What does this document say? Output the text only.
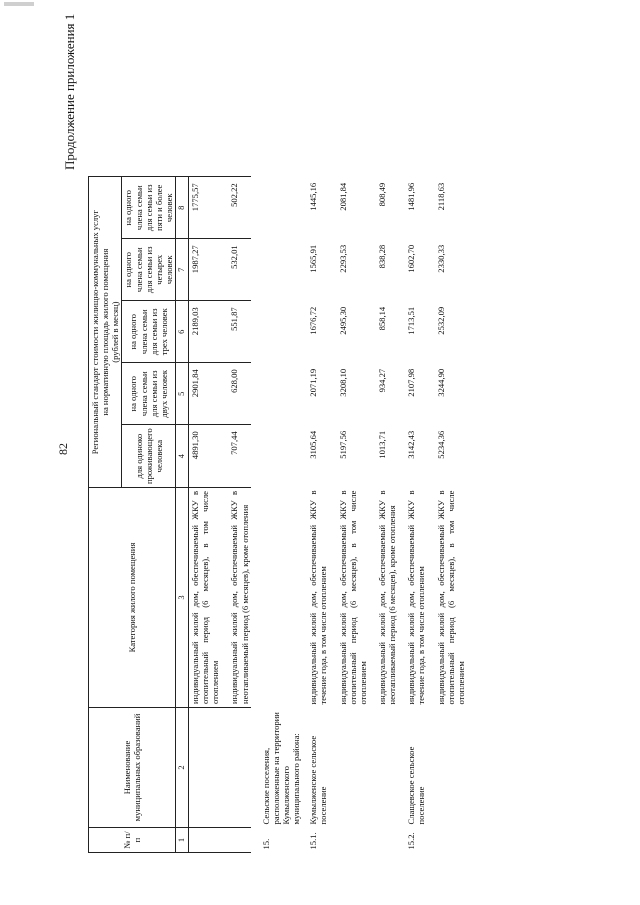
82
Продолжение приложения 1
№ п/п	Наименование муниципальных образований	Категория жилого помещения	Региональный стандарт стоимости жилищно-коммунальных услуг
на нормативную площадь жилого помещения
(рублей в месяц)				
			для одиноко проживающего человека	на одного члена семьи для семьи из двух человек	на одного члена семьи для семьи из трех человек	на одного члена семьи для семьи из четырех человек	на одного члена семьи для семьи из пяти и более человек

1	2	3	4	5	6	7	8
		индивидуальный жилой дом, обеспечиваемый ЖКУ в отопительный период (6 месяцев), в том числе отоплением	4891,30	2901,84	2189,03	1987,27	1775,57
		индивидуальный жилой дом, обеспечиваемый ЖКУ в неотапливаемый период (6 месяцев), кроме отопления	707,44	628,00	551,87	532,01	502,22
15.	Сельские поселения, расположенные на территории Кумылженского муниципального района:						
15.1.	Кумылженское сельское поселение	индивидуальный жилой дом, обеспечиваемый ЖКУ в течение года, в том числе отоплением	3105,64	2071,19	1676,72	1565,91	1445,16
		индивидуальный жилой дом, обеспечиваемый ЖКУ в отопительный период (6 месяцев), в том числе отоплением	5197,56	3208,10	2495,30	2293,53	2081,84
		индивидуальный жилой дом, обеспечиваемый ЖКУ в неотапливаемый период (6 месяцев), кроме отопления	1013,71	934,27	858,14	838,28	808,49
15.2.	Слащевское сельское поселение	индивидуальный жилой дом, обеспечиваемый ЖКУ в течение года, в том числе отоплением	3142,43	2107,98	1713,51	1602,70	1481,96
		индивидуальный жилой дом, обеспечиваемый ЖКУ в отопительный период (6 месяцев), в том числе отоплением	5234,36	3244,90	2532,09	2330,33	2118,63
